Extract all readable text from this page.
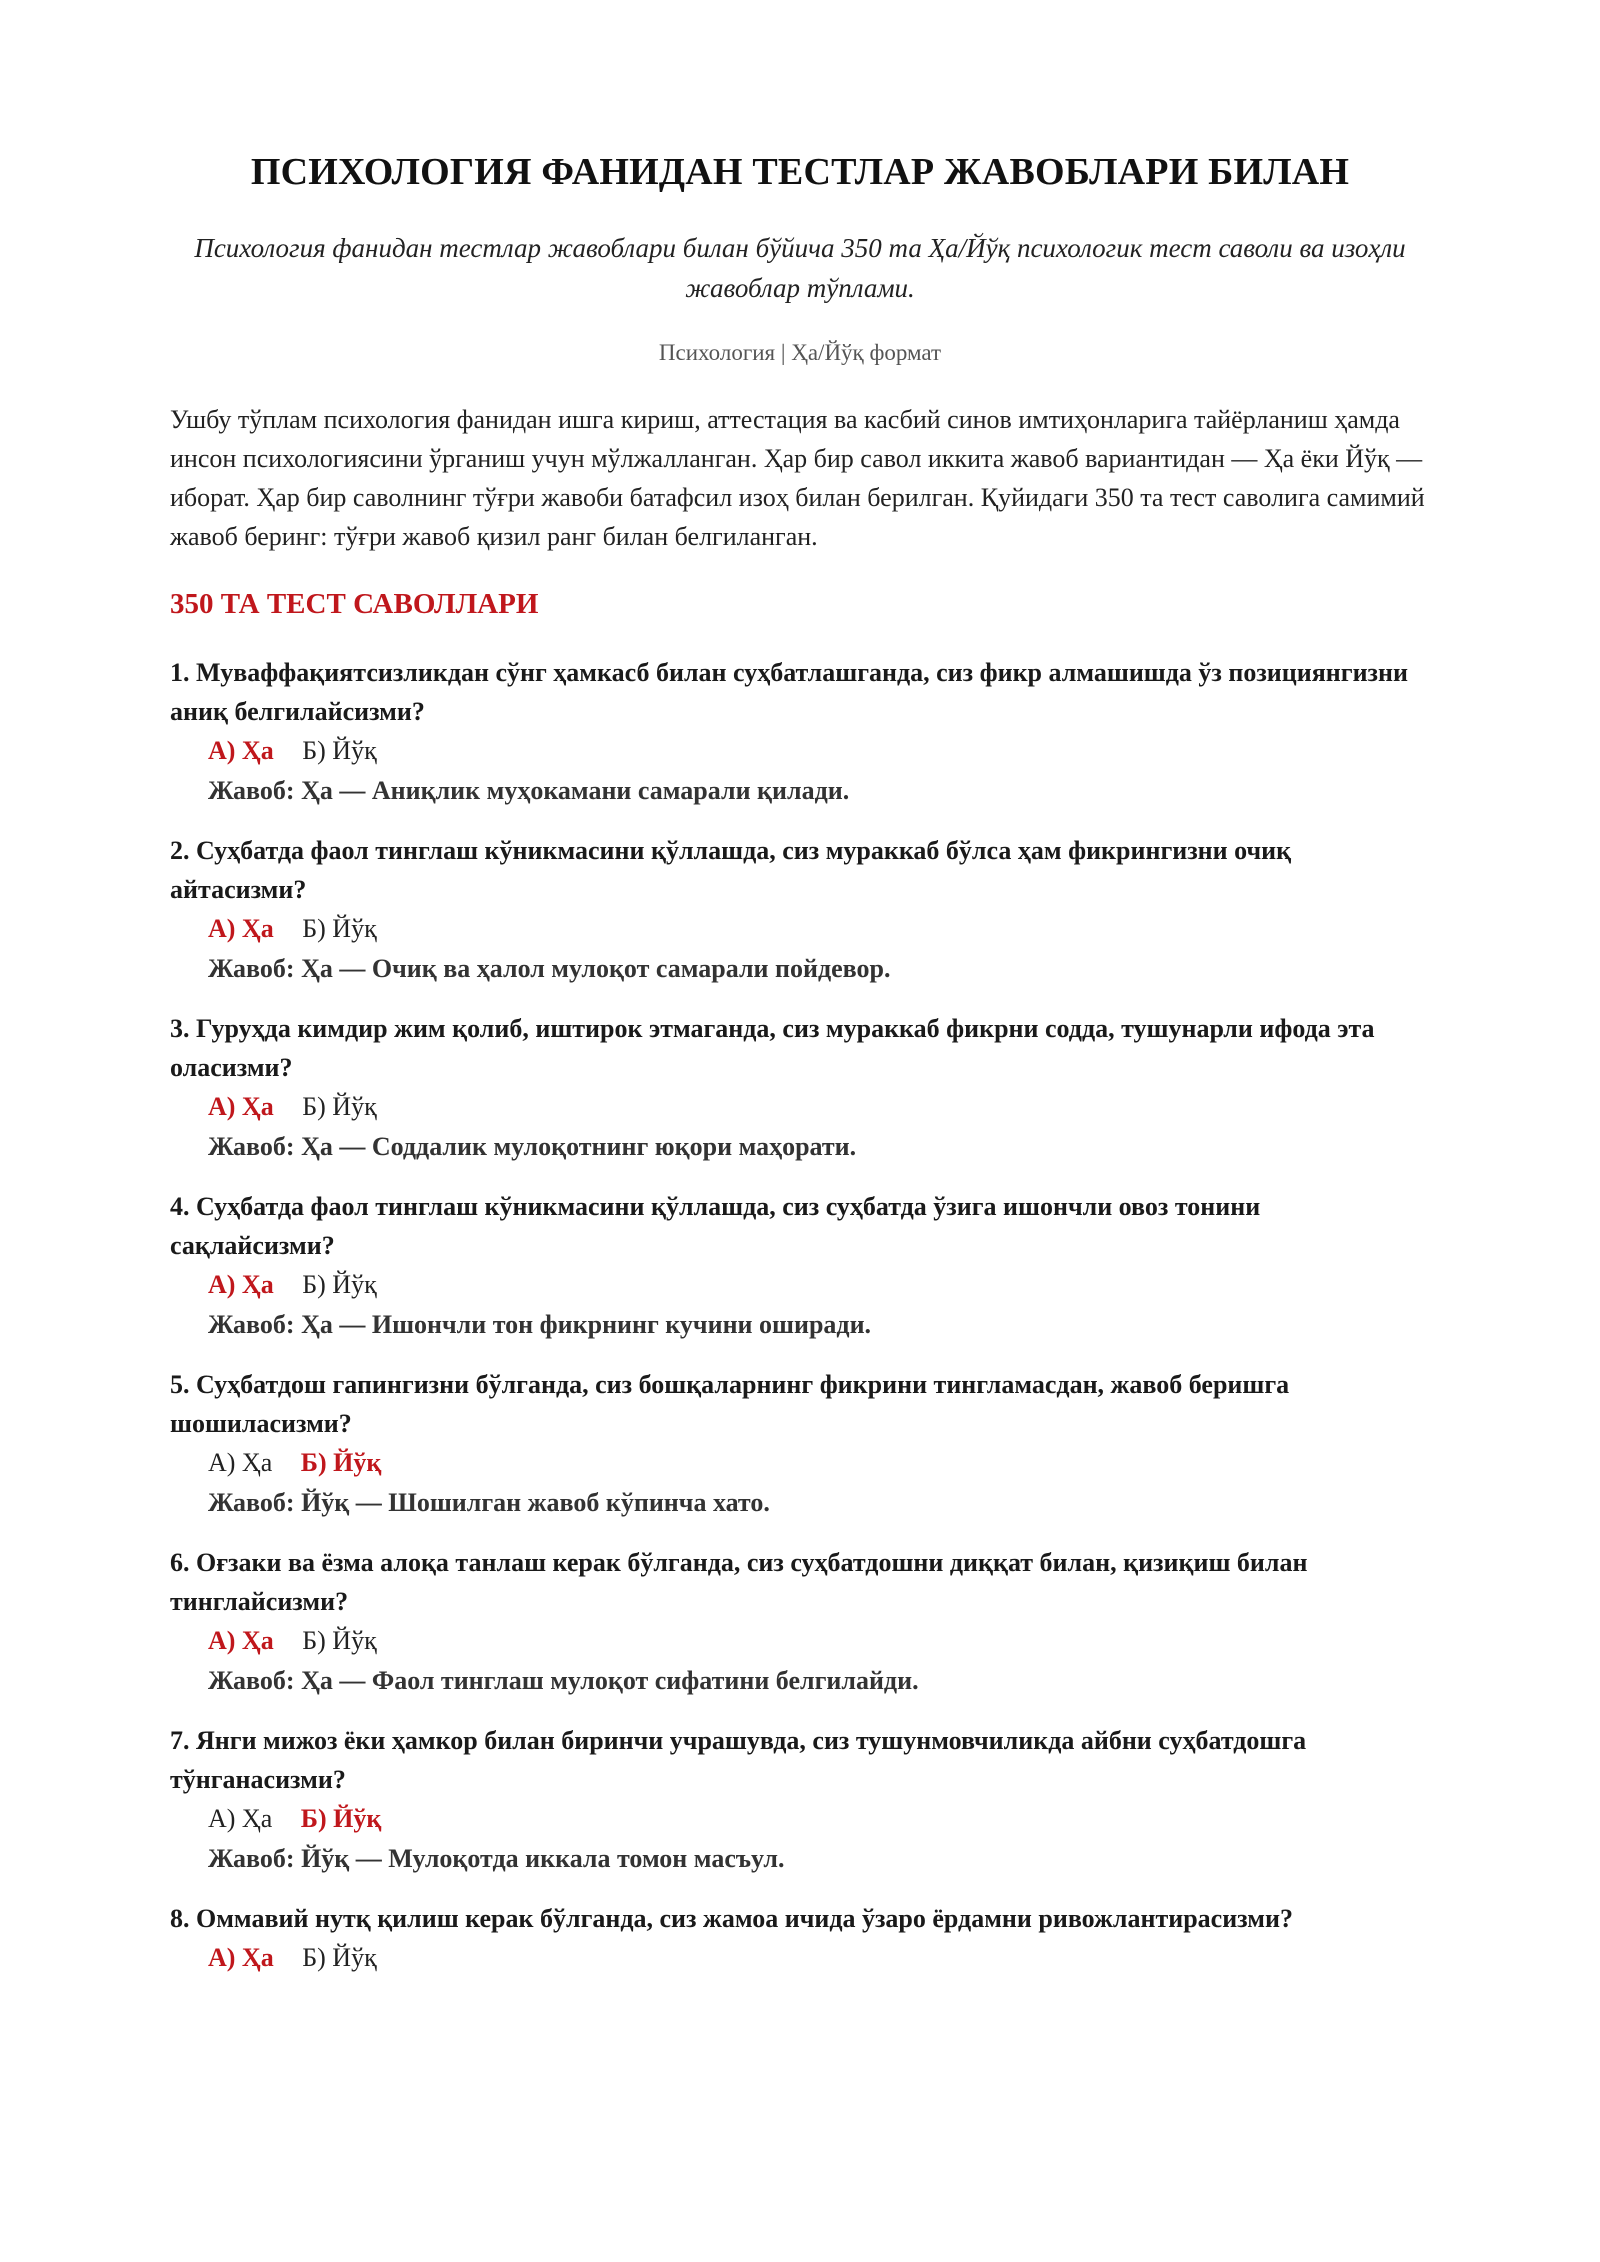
ПСИХОЛОГИЯ ФАНИДАН ТЕСТЛАР ЖАВОБЛАРИ БИЛАН
Психология фанидан тестлар жавоблари билан бўйича 350 та Ҳа/Йўқ психологик тест саволи ва изоҳли жавоблар тўплами.
Психология | Ҳа/Йўқ формат
Ушбу тўплам психология фанидан ишга кириш, аттестация ва касбий синов имтиҳонларига тайёрланиш ҳамда инсон психологиясини ўрганиш учун мўлжалланган. Ҳар бир савол иккита жавоб вариантидан — Ҳа ёки Йўқ — иборат. Ҳар бир саволнинг тўғри жавоби батафсил изоҳ билан берилган. Қуйидаги 350 та тест саволига самимий жавоб беринг: тўғри жавоб қизил ранг билан белгиланган.
350 ТА ТЕСТ САВОЛЛАРИ
1. Муваффақиятсизликдан сўнг ҳамкасб билан суҳбатлашганда, сиз фикр алмашишда ўз позициянгизни аниқ белгилайсизми?
А) Ҳа Б) Йўқ
Жавоб: Ҳа — Аниқлик муҳокамани самарали қилади.
2. Суҳбатда фаол тинглаш кўникмасини қўллашда, сиз мураккаб бўлса ҳам фикрингизни очиқ айтасизми?
А) Ҳа Б) Йўқ
Жавоб: Ҳа — Очиқ ва ҳалол мулоқот самарали пойдевор.
3. Гуруҳда кимдир жим қолиб, иштирок этмаганда, сиз мураккаб фикрни содда, тушунарли ифода эта оласизми?
А) Ҳа Б) Йўқ
Жавоб: Ҳа — Соддалик мулоқотнинг юқори маҳорати.
4. Суҳбатда фаол тинглаш кўникмасини қўллашда, сиз суҳбатда ўзига ишончли овоз тонини сақлайсизми?
А) Ҳа Б) Йўқ
Жавоб: Ҳа — Ишончли тон фикрнинг кучини оширади.
5. Суҳбатдош гапингизни бўлганда, сиз бошқаларнинг фикрини тингламасдан, жавоб беришга шошиласизми?
А) Ҳа Б) Йўқ
Жавоб: Йўқ — Шошилган жавоб кўпинча хато.
6. Оғзаки ва ёзма алоқа танлаш керак бўлганда, сиз суҳбатдошни диққат билан, қизиқиш билан тинглайсизми?
А) Ҳа Б) Йўқ
Жавоб: Ҳа — Фаол тинглаш мулоқот сифатини белгилайди.
7. Янги мижоз ёки ҳамкор билан биринчи учрашувда, сиз тушунмовчиликда айбни суҳбатдошга тўнганасизми?
А) Ҳа Б) Йўқ
Жавоб: Йўқ — Мулоқотда иккала томон масъул.
8. Оммавий нутқ қилиш керак бўлганда, сиз жамоа ичида ўзаро ёрдамни ривожлантирасизми?
А) Ҳа Б) Йўқ
